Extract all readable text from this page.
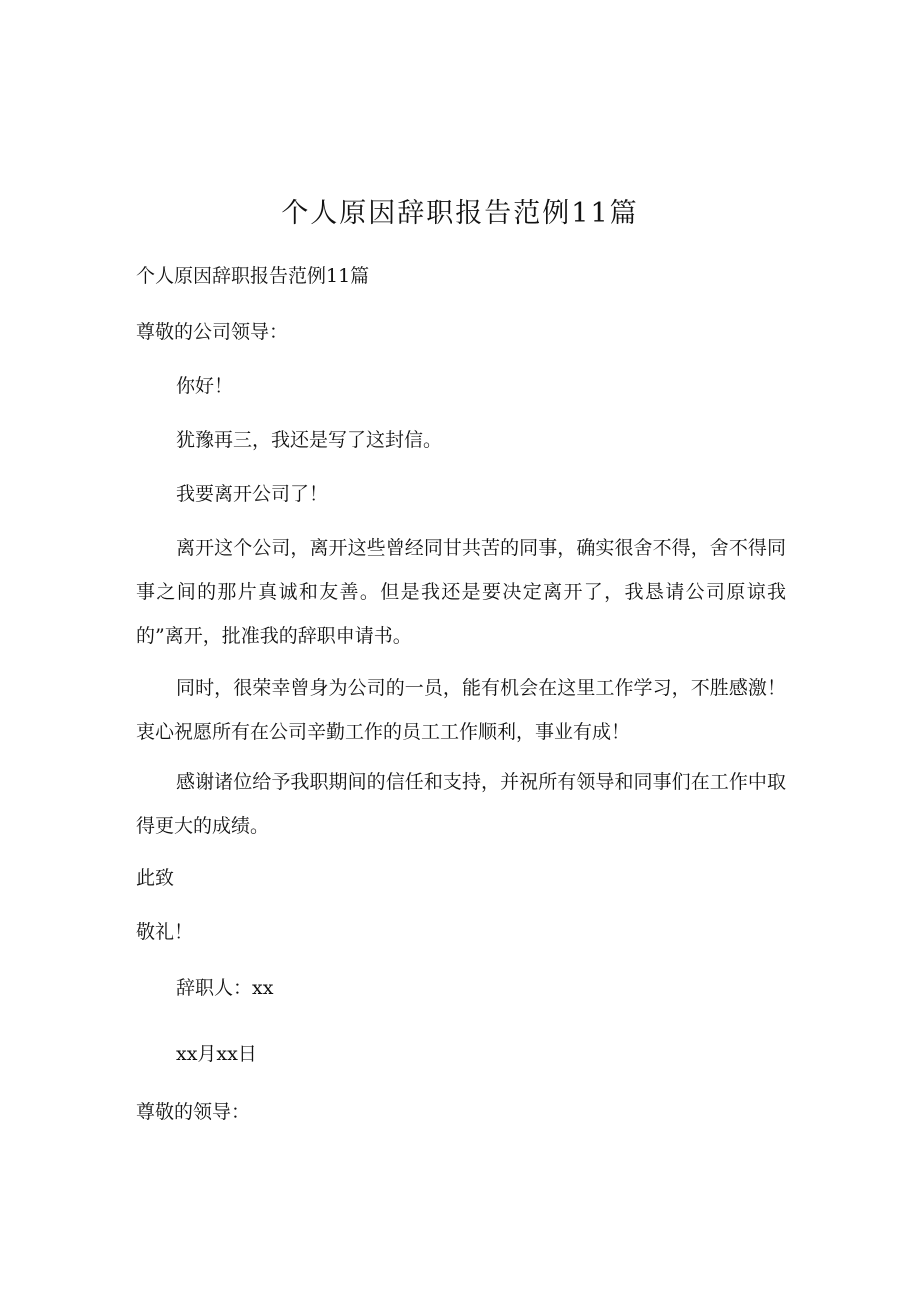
个人原因辞职报告范例11篇
个人原因辞职报告范例11篇
尊敬的公司领导：
你好！
犹豫再三，我还是写了这封信。
我要离开公司了！
离开这个公司，离开这些曾经同甘共苦的同事，确实很舍不得，舍不得同事之间的那片真诚和友善。但是我还是要决定离开了，我恳请公司原谅我的”离开，批准我的辞职申请书。
同时，很荣幸曾身为公司的一员，能有机会在这里工作学习，不胜感激！衷心祝愿所有在公司辛勤工作的员工工作顺利，事业有成！
感谢诸位给予我职期间的信任和支持，并祝所有领导和同事们在工作中取得更大的成绩。
此致
敬礼！
辞职人：xx
xx月xx日
尊敬的领导：
